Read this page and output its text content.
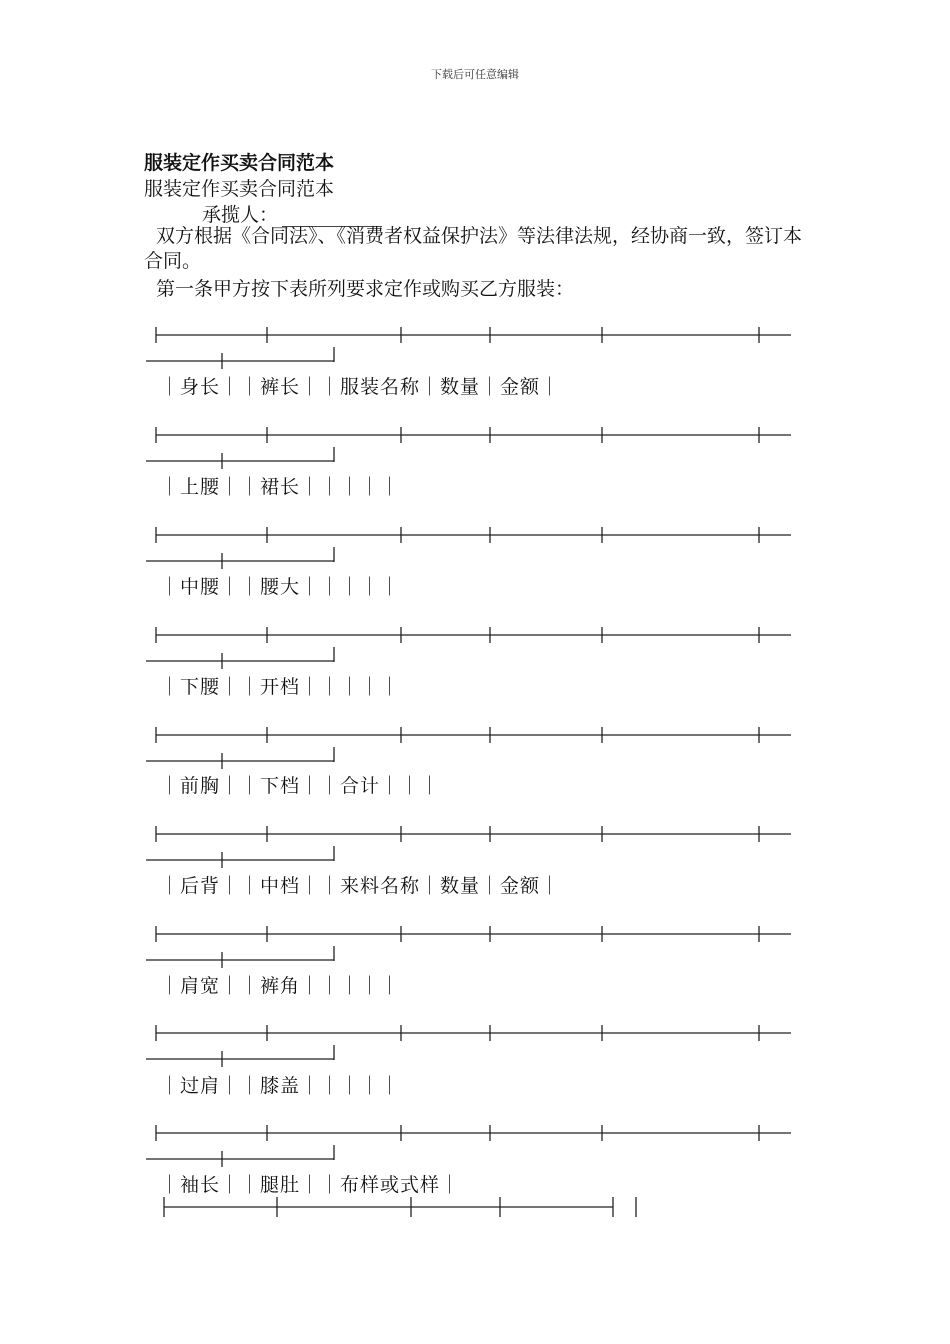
下载后可任意编辑
服装定作买卖合同范本
服装定作买卖合同范本
承揽人：
双方根据《合同法》、《消费者权益保护法》等法律法规，经协商一致，签订本合同。
第一条甲方按下表所列要求定作或购买乙方服装：
｜身长｜｜裤长｜｜服装名称｜数量｜金额｜
｜上腰｜｜裙长｜｜｜｜｜
｜中腰｜｜腰大｜｜｜｜｜
｜下腰｜｜开档｜｜｜｜｜
｜前胸｜｜下档｜｜合计｜｜｜
｜后背｜｜中档｜｜来料名称｜数量｜金额｜
｜肩宽｜｜裤角｜｜｜｜｜
｜过肩｜｜膝盖｜｜｜｜｜
｜袖长｜｜腿肚｜｜布样或式样｜
